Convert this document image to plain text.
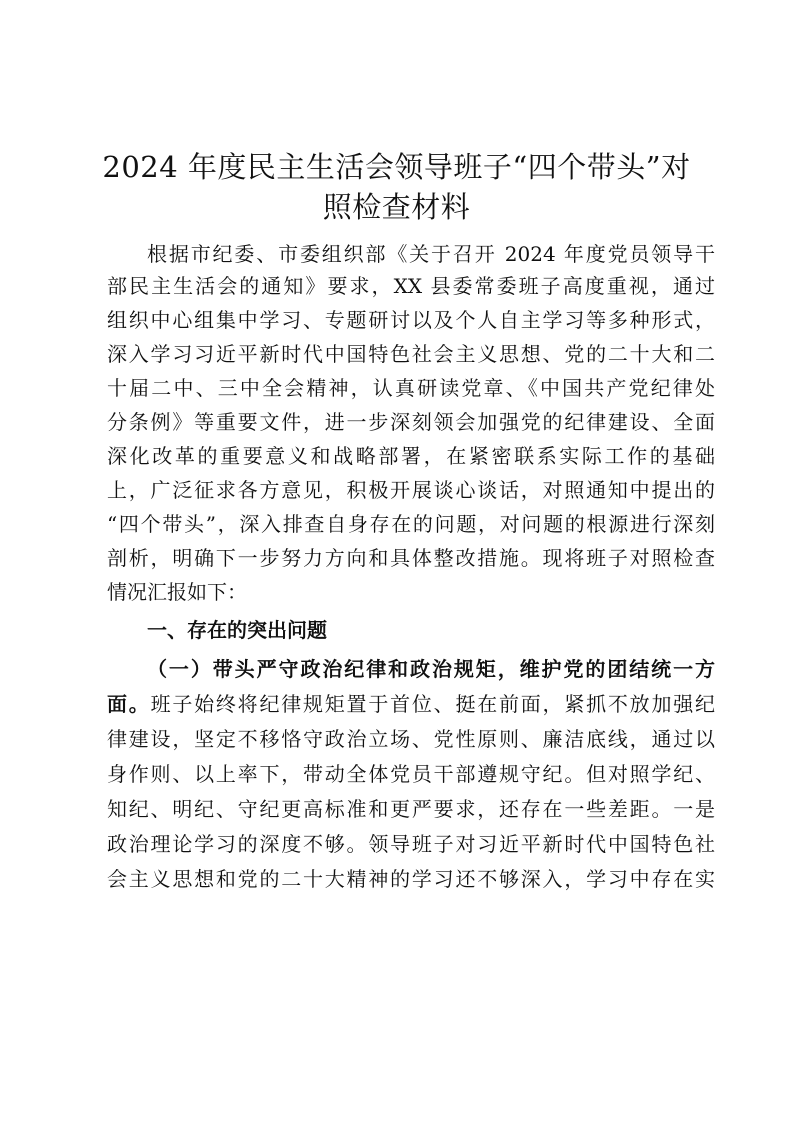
2024 年度民主生活会领导班子“四个带头”对
照检查材料
根据市纪委、市委组织部《关于召开 2024 年度党员领导干
部民主生活会的通知》要求，XX 县委常委班子高度重视，通过
组织中心组集中学习、专题研讨以及个人自主学习等多种形式，
深入学习习近平新时代中国特色社会主义思想、党的二十大和二
十届二中、三中全会精神，认真研读党章、《中国共产党纪律处
分条例》等重要文件，进一步深刻领会加强党的纪律建设、全面
深化改革的重要意义和战略部署，在紧密联系实际工作的基础
上，广泛征求各方意见，积极开展谈心谈话，对照通知中提出的
“四个带头”，深入排查自身存在的问题，对问题的根源进行深刻
剖析，明确下一步努力方向和具体整改措施。现将班子对照检查
情况汇报如下：
一、存在的突出问题
（一）带头严守政治纪律和政治规矩，维护党的团结统一方
面。班子始终将纪律规矩置于首位、挺在前面，紧抓不放加强纪
律建设，坚定不移恪守政治立场、党性原则、廉洁底线，通过以
身作则、以上率下，带动全体党员干部遵规守纪。但对照学纪、
知纪、明纪、守纪更高标准和更严要求，还存在一些差距。一是
政治理论学习的深度不够。领导班子对习近平新时代中国特色社
会主义思想和党的二十大精神的学习还不够深入，学习中存在实
